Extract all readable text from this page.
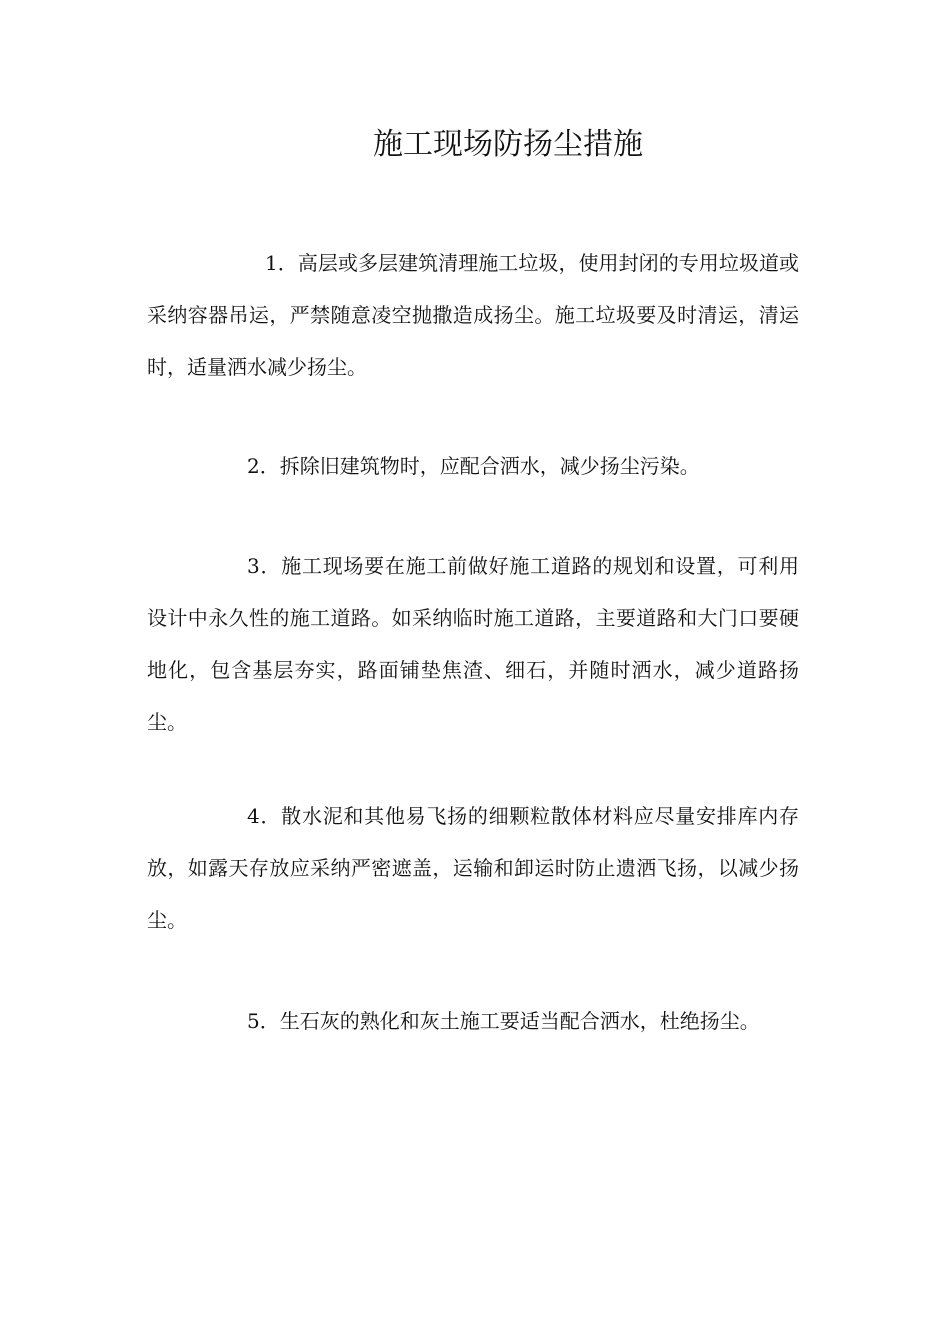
施工现场防扬尘措施

1．高层或多层建筑清理施工垃圾，使用封闭的专用垃圾道或采纳容器吊运，严禁随意凌空抛撒造成扬尘。施工垃圾要及时清运，清运时，适量洒水减少扬尘。

2．拆除旧建筑物时，应配合洒水，减少扬尘污染。

3．施工现场要在施工前做好施工道路的规划和设置，可利用设计中永久性的施工道路。如采纳临时施工道路，主要道路和大门口要硬地化，包含基层夯实，路面铺垫焦渣、细石，并随时洒水，减少道路扬尘。

4．散水泥和其他易飞扬的细颗粒散体材料应尽量安排库内存放，如露天存放应采纳严密遮盖，运输和卸运时防止遗洒飞扬，以减少扬尘。

5．生石灰的熟化和灰土施工要适当配合洒水，杜绝扬尘。
